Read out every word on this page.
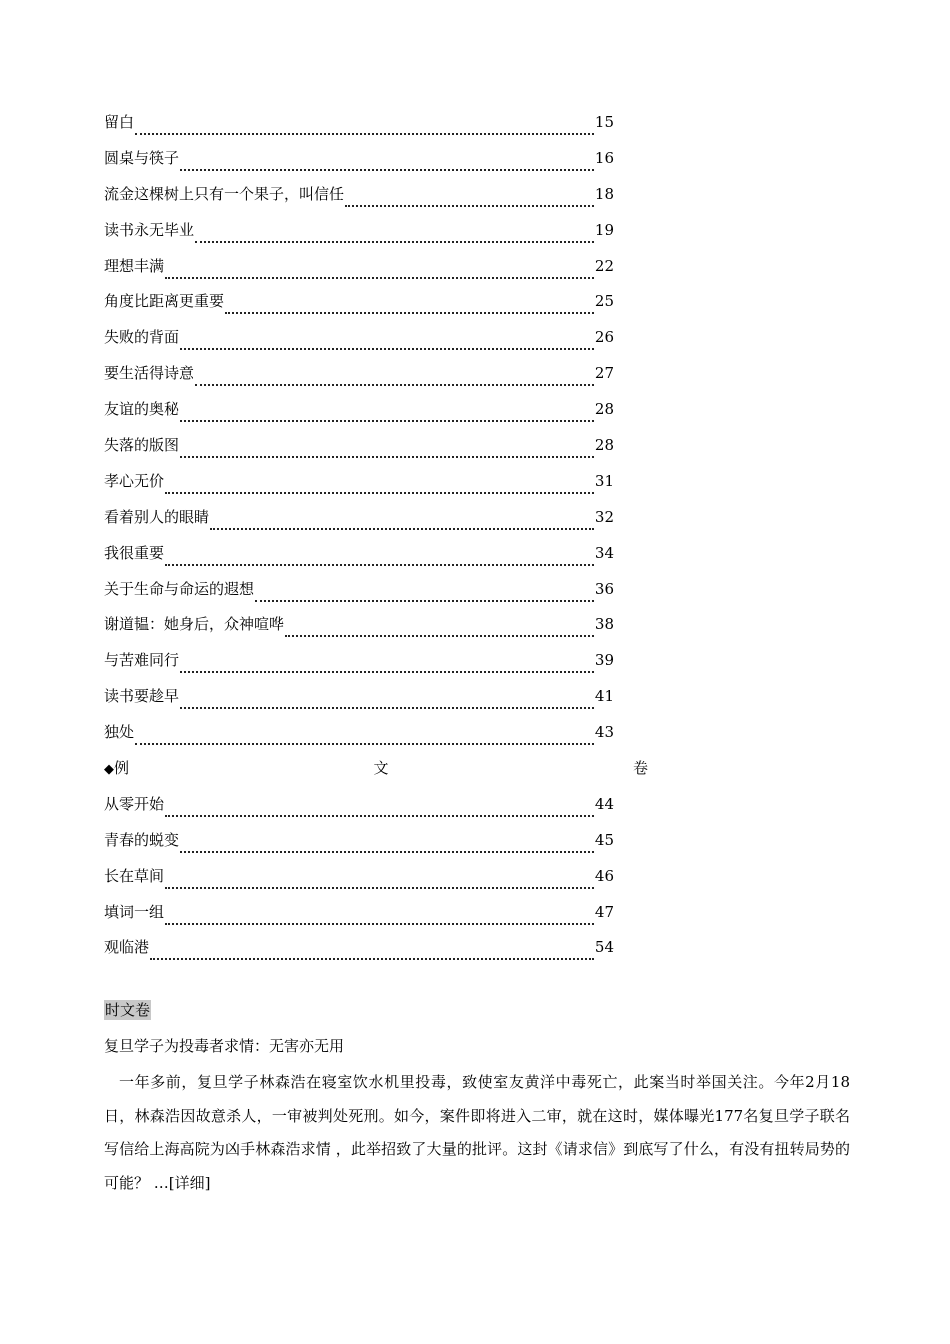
留白	15
圆桌与筷子	16
流金这棵树上只有一个果子，叫信任	18
读书永无毕业	19
理想丰满	22
角度比距离更重要	25
失败的背面	26
要生活得诗意	27
友谊的奥秘	28
失落的版图	28
孝心无价	31
看着别人的眼睛	32
我很重要	34
关于生命与命运的遐想	36
谢道韫：她身后，众神喧哗	38
与苦难同行	39
读书要趁早	41
独处	43
◆例	文	卷
从零开始	44
青春的蜕变	45
长在草间	46
填词一组	47
观临港	54
时文卷
复旦学子为投毒者求情：无害亦无用
一年多前，复旦学子林森浩在寝室饮水机里投毒，致使室友黄洋中毒死亡，此案当时举国关注。今年2月18日，林森浩因故意杀人，一审被判处死刑。如今，案件即将进入二审，就在这时，媒体曝光177名复旦学子联名写信给上海高院为凶手林森浩求情 ，此举招致了大量的批评。这封《请求信》到底写了什么，有没有扭转局势的可能？ …[详细]
